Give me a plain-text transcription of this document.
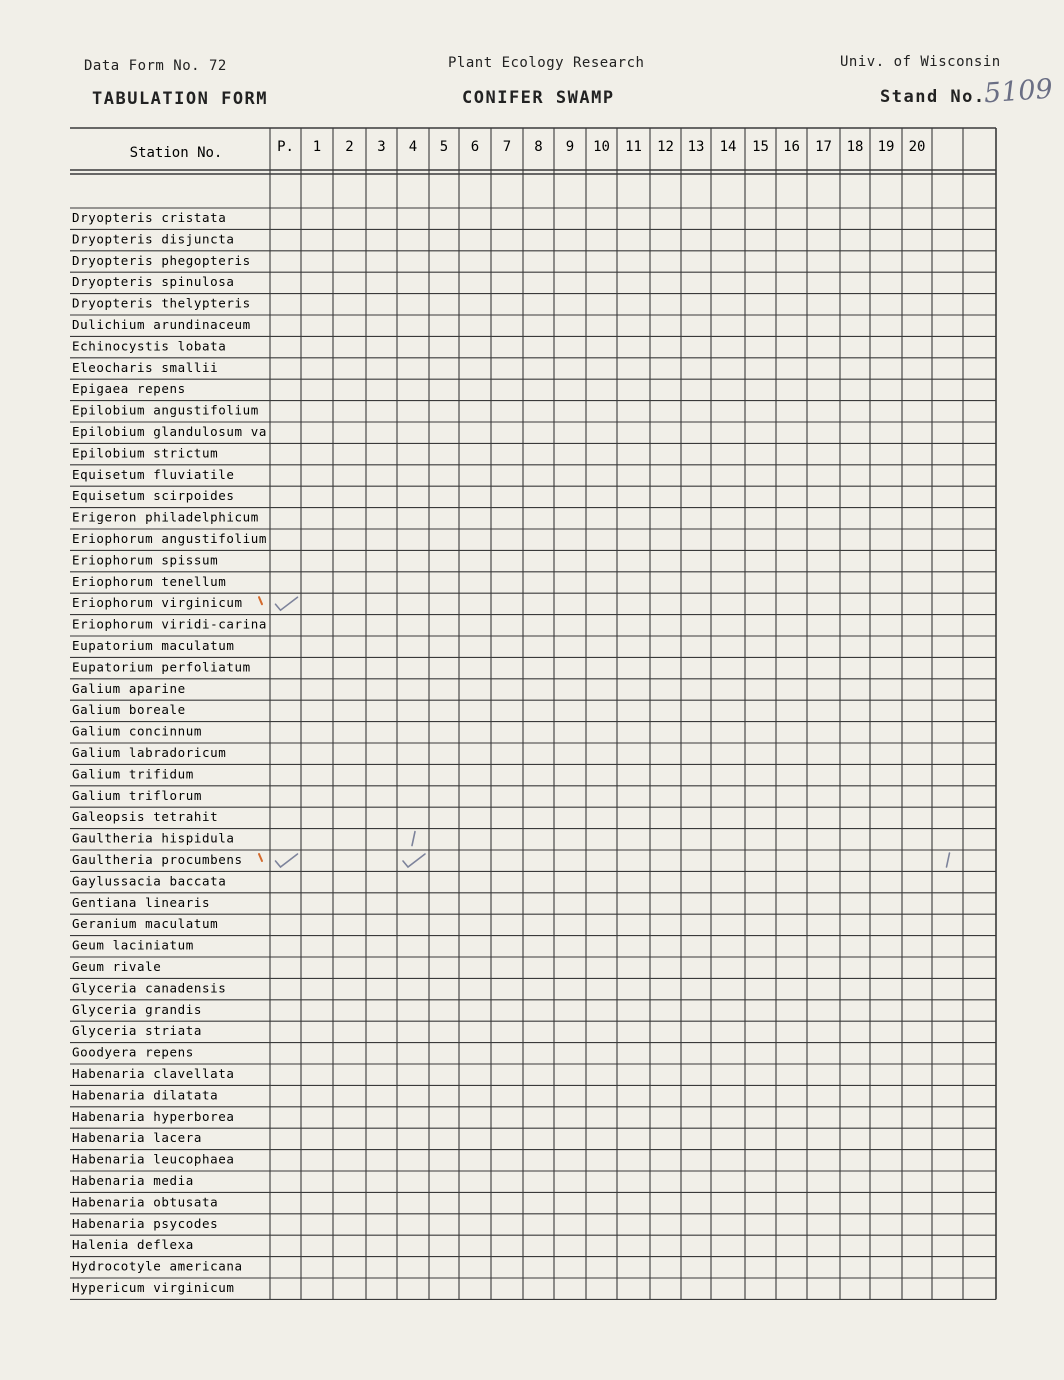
Data Form No. 72
TABULATION FORM
Plant Ecology Research
CONIFER SWAMP
Univ. of Wisconsin
Stand No.
5109
Station No.	P. 1 2 3 4 5 6 7 8 9 10 11 12 13 14 15 16 17 18 19 20
Dryopteris cristata
Dryopteris disjuncta
Dryopteris phegopteris
Dryopteris spinulosa
Dryopteris thelypteris
Dulichium arundinaceum
Echinocystis lobata
Eleocharis smallii
Epigaea repens
Epilobium angustifolium
Epilobium glandulosum va
Epilobium strictum
Equisetum fluviatile
Equisetum scirpoides
Erigeron philadelphicum
Eriophorum angustifolium
Eriophorum spissum
Eriophorum tenellum
Eriophorum virginicum
Eriophorum viridi-carina
Eupatorium maculatum
Eupatorium perfoliatum
Galium aparine
Galium boreale
Galium concinnum
Galium labradoricum
Galium trifidum
Galium triflorum
Galeopsis tetrahit
Gaultheria hispidula
Gaultheria procumbens
Gaylussacia baccata
Gentiana linearis
Geranium maculatum
Geum laciniatum
Geum rivale
Glyceria canadensis
Glyceria grandis
Glyceria striata
Goodyera repens
Habenaria clavellata
Habenaria dilatata
Habenaria hyperborea
Habenaria lacera
Habenaria leucophaea
Habenaria media
Habenaria obtusata
Habenaria psycodes
Halenia deflexa
Hydrocotyle americana
Hypericum virginicum
